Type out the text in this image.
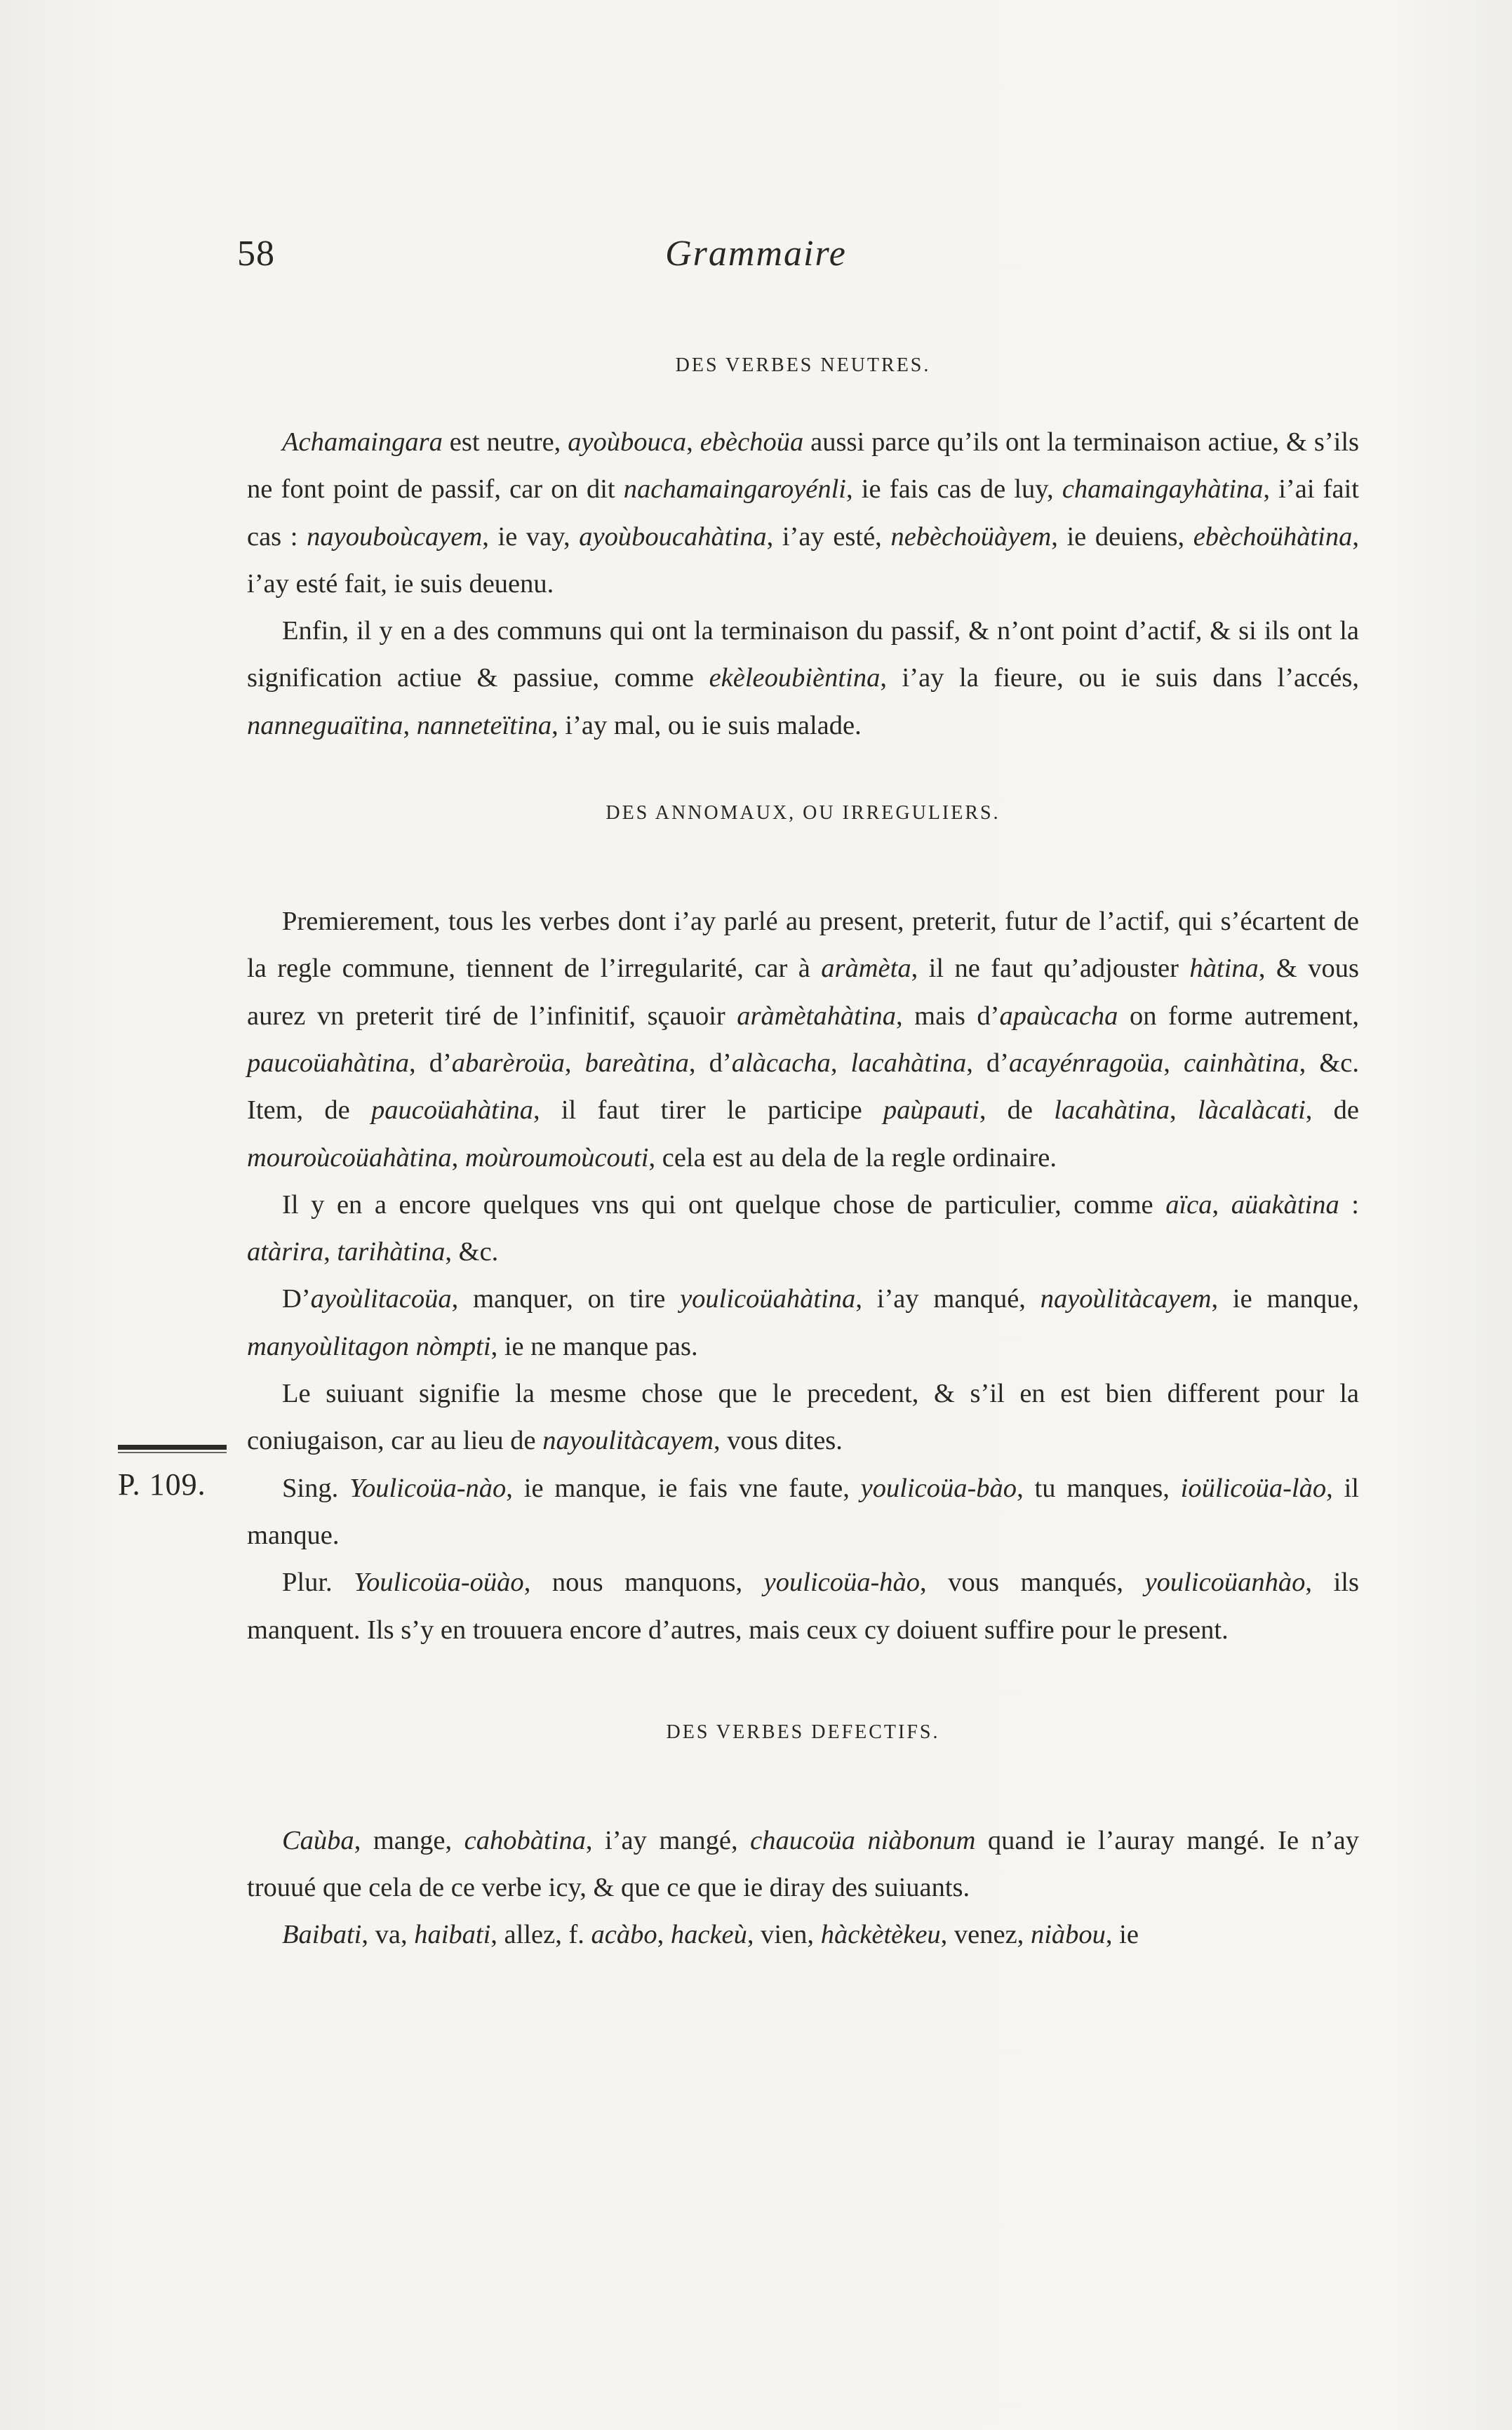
58	Grammaire
P. 109.
DES VERBES NEUTRES.

Achamaingara est neutre, ayoùbouca, ebèchoüa aussi parce qu’ils ont la terminaison actiue, & s’ils ne font point de passif, car on dit nachamaingaroyénli, ie fais cas de luy, chamaingayhàtina, i’ai fait cas : nayouboùcayem, ie vay, ayoùboucahàtina, i’ay esté, nebèchoüàyem, ie deuiens, ebèchoühàtina, i’ay esté fait, ie suis deuenu.

Enfin, il y en a des communs qui ont la terminaison du passif, & n’ont point d’actif, & si ils ont la signification actiue & passiue, comme ekèleoubièntina, i’ay la fieure, ou ie suis dans l’accés, nanneguaïtina, nanneteïtina, i’ay mal, ou ie suis malade.

DES ANNOMAUX, OU IRREGULIERS.

Premierement, tous les verbes dont i’ay parlé au present, preterit, futur de l’actif, qui s’écartent de la regle commune, tiennent de l’irregularité, car à aràmèta, il ne faut qu’adjouster hàtina, & vous aurez vn preterit tiré de l’infinitif, sçauoir aràmètahàtina, mais d’apaùcacha on forme autrement, paucoüahàtina, d’abarèroüa, bareàtina, d’alàcacha, lacahàtina, d’acayénragoüa, cainhàtina, &c. Item, de paucoüahàtina, il faut tirer le participe paùpauti, de lacahàtina, làcalàcati, de mouroùcoüahàtina, moùroumoùcouti, cela est au dela de la regle ordinaire.

Il y en a encore quelques vns qui ont quelque chose de particulier, comme aïca, aüakàtina : atàrira, tarihàtina, &c.

D’ayoùlitacoüa, manquer, on tire youlicoüahàtina, i’ay manqué, nayoùlitàcayem, ie manque, manyoùlitagon nòmpti, ie ne manque pas.

Le suiuant signifie la mesme chose que le precedent, & s’il en est bien different pour la coniugaison, car au lieu de nayoulitàcayem, vous dites.

Sing. Youlicoüa-nào, ie manque, ie fais vne faute, youlicoüa-bào, tu manques, ioülicoüa-lào, il manque.

Plur. Youlicoüa-oüào, nous manquons, youlicoüa-hào, vous manqués, youlicoüanhào, ils manquent. Ils s’y en trouuera encore d’autres, mais ceux cy doiuent suffire pour le present.

DES VERBES DEFECTIFS.

Caùba, mange, cahobàtina, i’ay mangé, chaucoüa niàbonum quand ie l’auray mangé. Ie n’ay trouué que cela de ce verbe icy, & que ce que ie diray des suiuants.

Baibati, va, haibati, allez, f. acàbo, hackeù, vien, hàckètèkeu, venez, niàbou, ie
